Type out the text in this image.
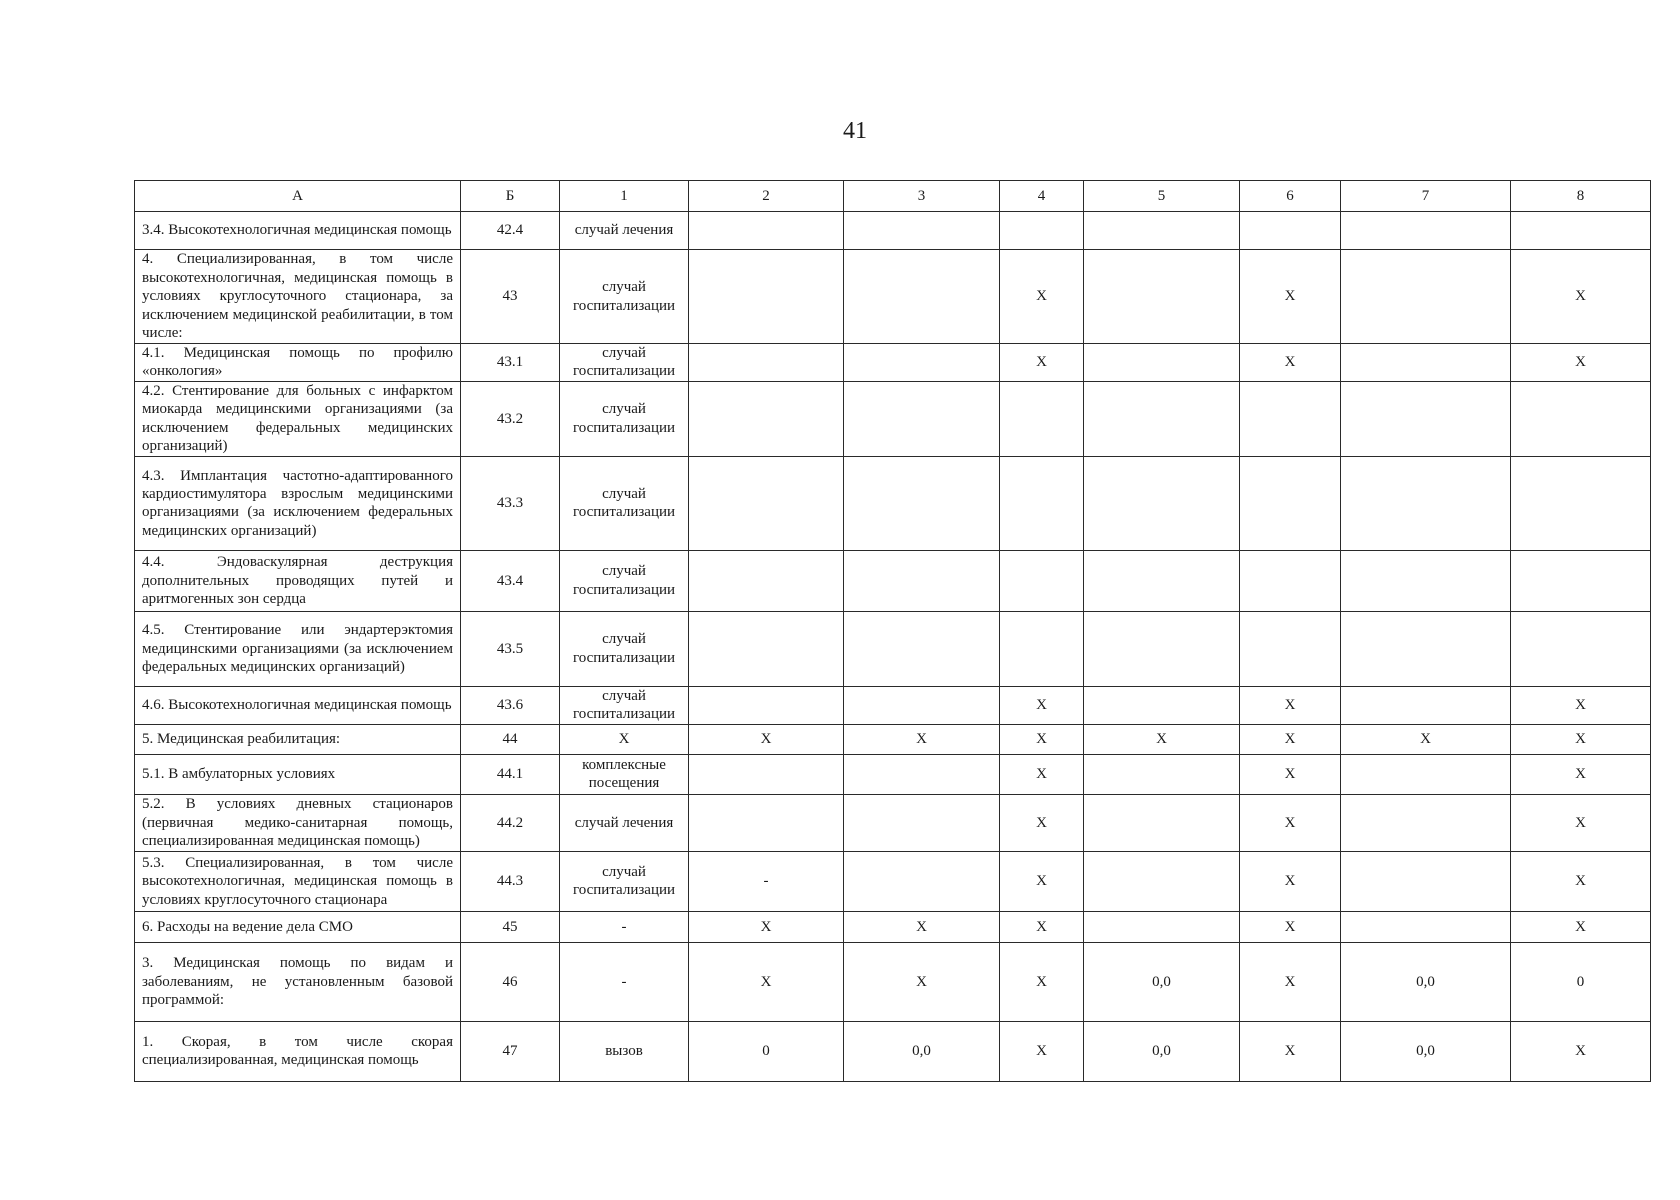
41
А	Б	1	2	3	4	5	6	7	8
3.4. Высокотехнологичная медицинская помощь	42.4	случай лечения							
4. Специализированная, в том числе высокотехнологичная, медицинская помощь в условиях круглосуточного стационара, за исключением медицинской реабилитации, в том числе:	43	случай госпитализации			X		X		X
4.1. Медицинская помощь по профилю «онкология»	43.1	случай госпитализации			X		X		X
4.2. Стентирование для больных с инфарктом миокарда медицинскими организациями (за исключением федеральных медицинских организаций)	43.2	случай госпитализации							
4.3. Имплантация частотно-адаптированного кардиостимулятора взрослым медицинскими организациями (за исключением федеральных медицинских организаций)	43.3	случай госпитализации							
4.4. Эндоваскулярная деструкция дополнительных проводящих путей и аритмогенных зон сердца	43.4	случай госпитализации							
4.5. Стентирование или эндартерэктомия медицинскими организациями (за исключением федеральных медицинских организаций)	43.5	случай госпитализации							
4.6. Высокотехнологичная медицинская помощь	43.6	случай госпитализации			X		X		X
5. Медицинская реабилитация:	44	X	X	X	X	X	X	X	X
5.1. В амбулаторных условиях	44.1	комплексные посещения			X		X		X
5.2. В условиях дневных стационаров (первичная медико-санитарная помощь, специализированная медицинская помощь)	44.2	случай лечения			X		X		X
5.3. Специализированная, в том числе высокотехнологичная, медицинская помощь в условиях круглосуточного стационара	44.3	случай госпитализации	-		X		X		X
6. Расходы на ведение дела СМО	45	-	X	X	X		X		X
3. Медицинская помощь по видам и заболеваниям, не установленным базовой программой:	46	-	X	X	X	0,0	X	0,0	0
1. Скорая, в том числе скорая специализированная, медицинская помощь	47	вызов	0	0,0	X	0,0	X	0,0	X
